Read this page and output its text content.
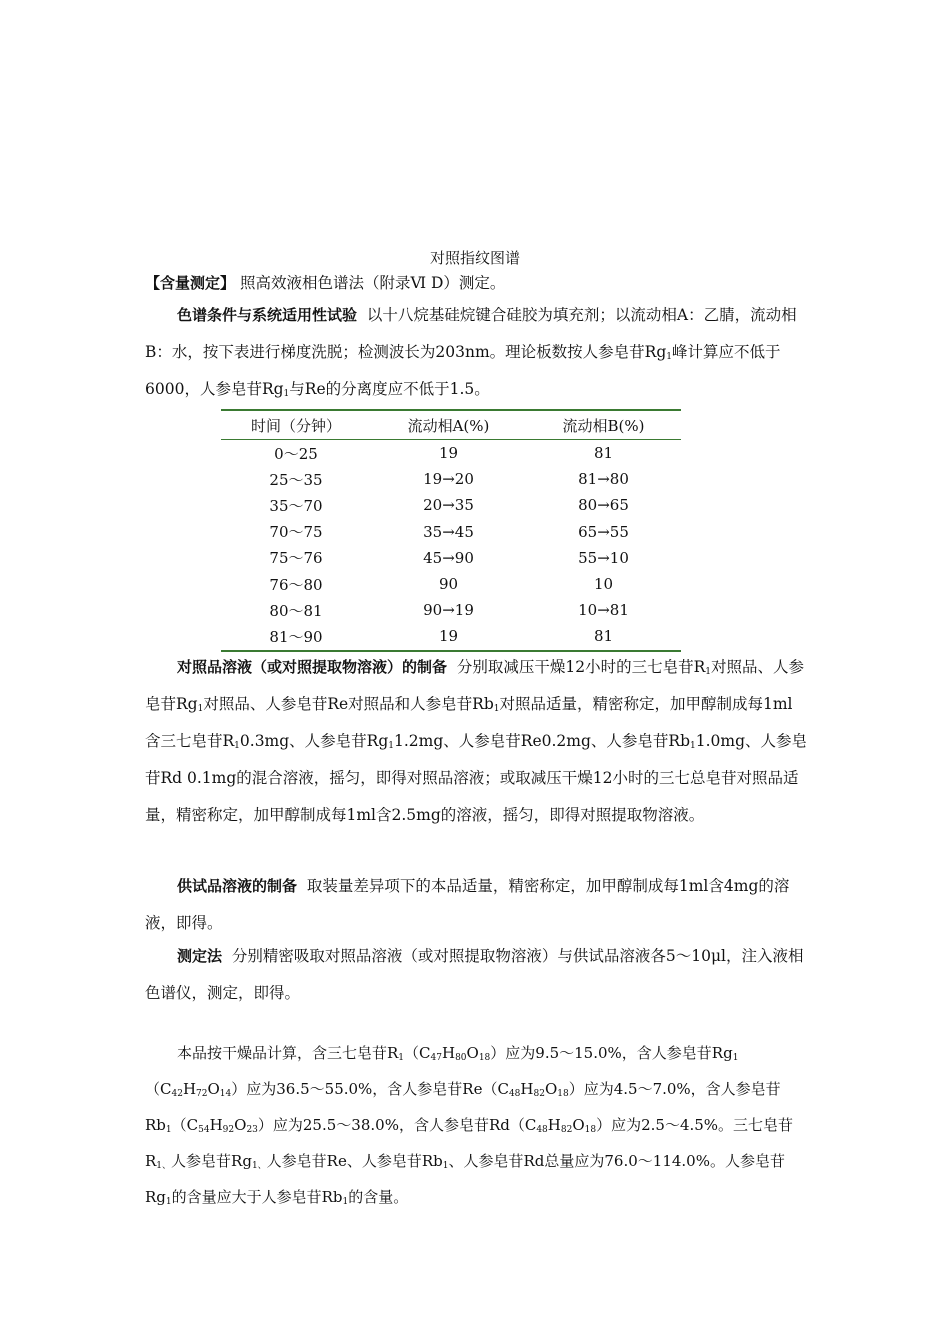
对照指纹图谱

【含量测定】 照高效液相色谱法（附录Ⅵ D）测定。

色谱条件与系统适用性试验 以十八烷基硅烷键合硅胶为填充剂；以流动相A：乙腈，流动相B：水，按下表进行梯度洗脱；检测波长为203nm。理论板数按人参皂苷$Rg_1$峰计算应不低于6000，人参皂苷$Rg_1$与Re的分离度应不低于1.5。

时间（分钟）	流动相A(%)	流动相B(%)
0～25	19	81
25～35	19→20	81→80
35～70	20→35	80→65
70～75	35→45	65→55
75～76	45→90	55→10
76～80	90	10
80～81	90→19	10→81
81～90	19	81

对照品溶液（或对照提取物溶液）的制备 分别取减压干燥12小时的三七皂苷$R_1$对照品、人参皂苷$Rg_1$对照品、人参皂苷Re对照品和人参皂苷$Rb_1$对照品适量，精密称定，加甲醇制成每1ml含三七皂苷$R_10.3mg$、人参皂苷$Rg_11.2mg$、人参皂苷Re0.2mg、人参皂苷$Rb_11.0mg$、人参皂苷Rd 0.1mg的混合溶液，摇匀，即得对照品溶液；或取减压干燥12小时的三七总皂苷对照品适量，精密称定，加甲醇制成每1ml含2.5mg的溶液，摇匀，即得对照提取物溶液。

供试品溶液的制备 取装量差异项下的本品适量，精密称定，加甲醇制成每1ml含4mg的溶液，即得。

测定法 分别精密吸取对照品溶液（或对照提取物溶液）与供试品溶液各5～10μl，注入液相色谱仪，测定，即得。

本品按干燥品计算，含三七皂苷$R_1(C_{47}H_{80}O_{18})$应为9.5～15.0%，含人参皂苷$Rg_1(C_{42}H_{72}O_{14})$应为36.5～55.0%，含人参皂苷$Re(C_{48}H_{82}O_{18})$应为4.5～7.0%，含人参皂苷$Rb_1(C_{54}H_{92}O_{23})$应为25.5～38.0%，含人参皂苷$Rd(C_{48}H_{82}O_{18})$应为2.5～4.5%。三七皂苷$R_{1、}$人参皂苷$Rg_{1、}$人参皂苷Re、人参皂苷$Rb_1$、人参皂苷Rd总量应为76.0～114.0%。人参皂苷$Rg_1$的含量应大于人参皂苷$Rb_1$的含量。
